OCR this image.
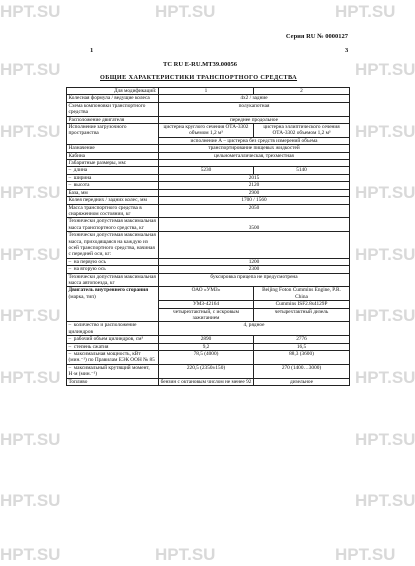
HPT.SU	HPT.SU	HPT.SU
HPT.SU	HPT.SU
HPT.SU	HPT.SU
HPT.SU	HPT.SU
HPT.SU	HPT.SU
HPT.SU	HPT.SU
HPT.SU	HPT.SU
HPT.SU	HPT.SU
HPT.SU	HPT.SU
HPT.SU	HPT.SU	HPT.SU
Серия RU № 0000127
1	3
TC RU E-RU.MT39.00056
ОБЩИЕ ХАРАКТЕРИСТИКИ ТРАНСПОРТНОГО СРЕДСТВА
Для модификаций:	1	2
Колесная формула / ведущие колеса	4x2 / задние	
Схема компоновки транспортного средства	полукапотная	
Расположение двигателя	переднее продольное	
Исполнение загрузочного пространства	цистерна круглого сечения ОТА-3302 объемом 1,2 м³	цистерна эллиптического сечения ОТА-3302 объемом 1,2 м³
	исполнение А – цистерна без средств измерений объема	
Назначение	транспортирование пищевых жидкостей	
Кабина	цельнометаллическая, трехместная	
Габаритные размеры, мм:		
–  длина	5230	5140
–  ширина	2015	
–  высота	2120	
База, мм	2900	
Колея передних / задних колес, мм	1700 / 1560	
Масса транспортного средства в снаряженном состоянии, кг	2050	
Технически допустимая максимальная масса транспортного средства, кг	3500	
Технически допустимая максимальная масса, приходящаяся на каждую из осей транспортного средства, начиная с передней оси, кг:		
–  на первую ось	1200	
–  на вторую ось	2300	
Технически допустимая максимальная масса автопоезда, кг	буксировка прицепа не предусмотрена	
Двигатель внутреннего сгорания
(марка, тип)	ОАО «УМЗ»	Beijing Foton Cummins Engine, P.R. China
	УМЗ-42164	Cummins ISF2.8s4129P
	четырехтактный, с искровым зажиганием	четырехтактный дизель
–  количество и расположение цилиндров	4, рядное	
–  рабочий объем цилиндров, см³	2890	2776
–  степень сжатия	9,2	16,5
–  максимальная мощность, кВт (мин.⁻¹) по Правилам ЕЭК ООН № 85	78,5 (4000)	88,3 (3600)
–  максимальный крутящий момент, Н·м (мин.⁻¹)	220,5 (2350±150)	270 (1400…3000)
Топливо	бензин с октановым числом не менее 92	дизельное
